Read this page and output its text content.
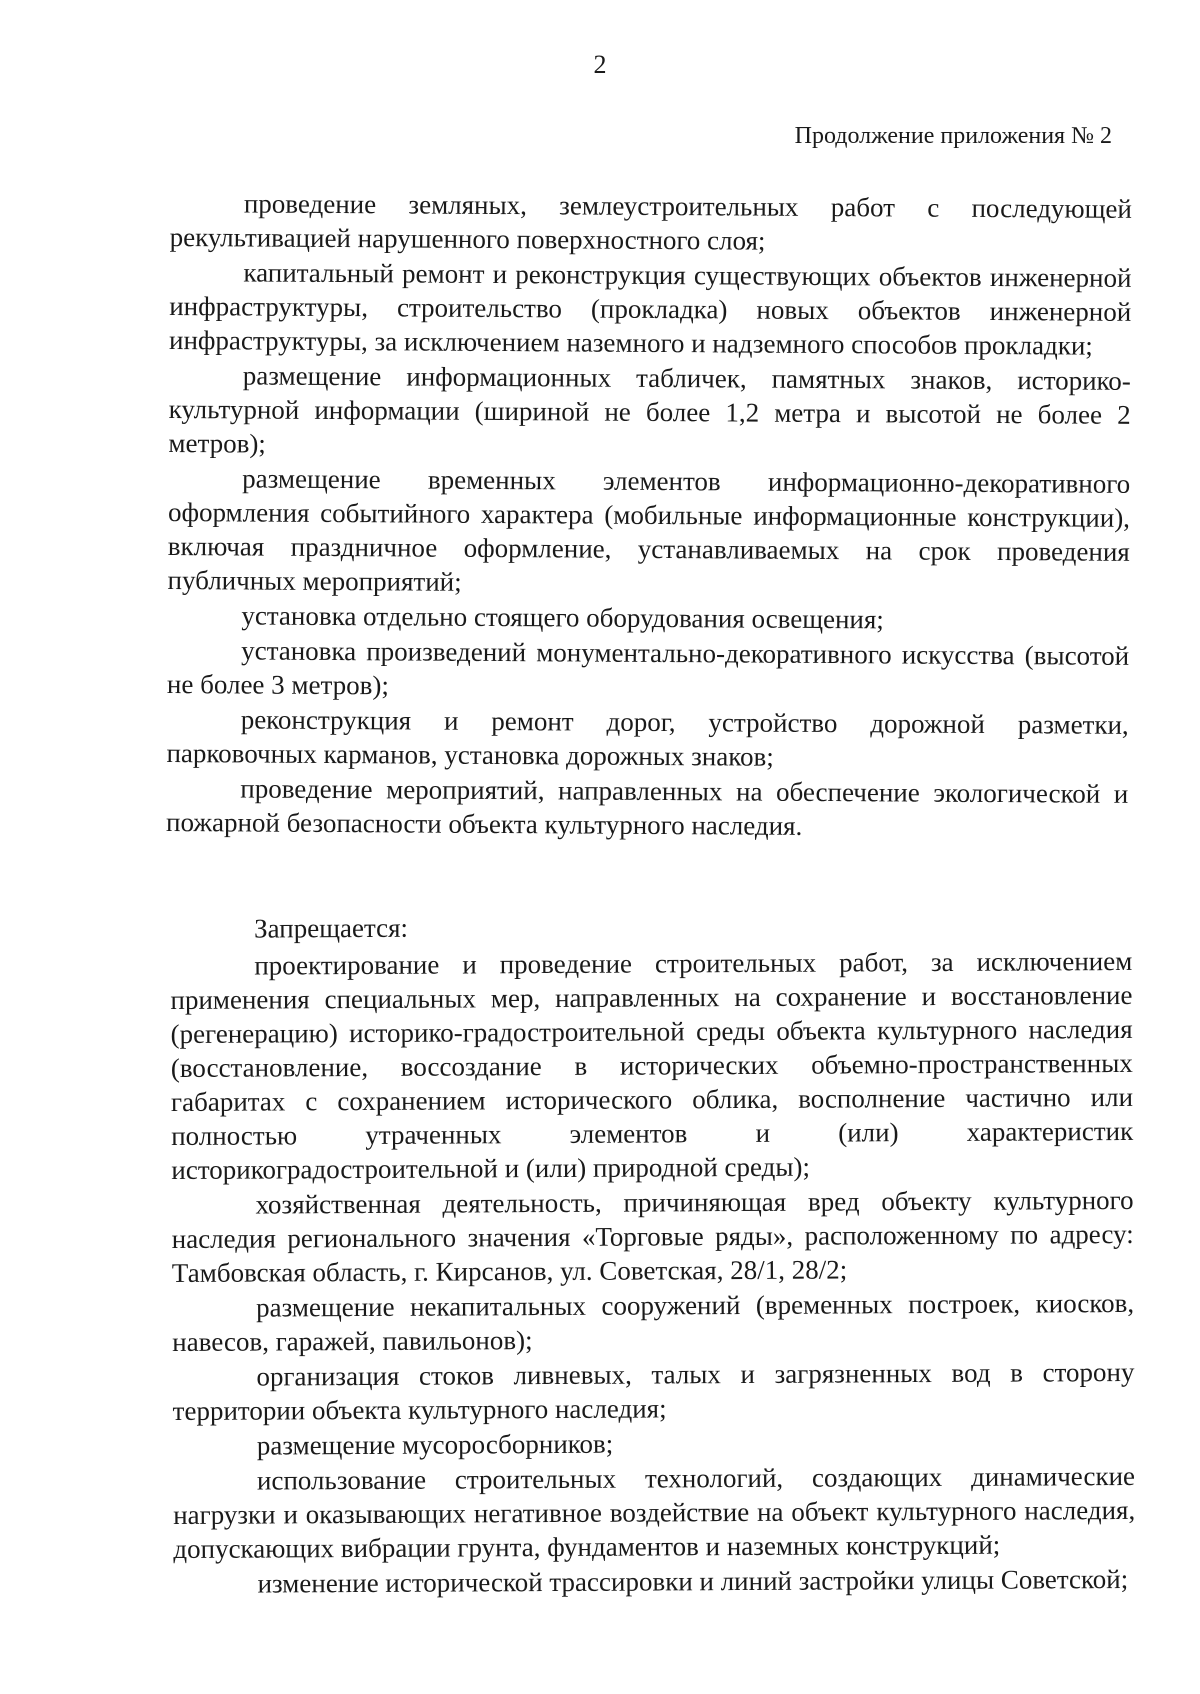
2
Продолжение приложения № 2

проведение земляных, землеустроительных работ с последующей рекультивацией нарушенного поверхностного слоя;

капитальный ремонт и реконструкция существующих объектов инженерной инфраструктуры, строительство (прокладка) новых объектов инженерной инфраструктуры, за исключением наземного и надземного способов прокладки;

размещение информационных табличек, памятных знаков, историко-культурной информации (шириной не более 1,2 метра и высотой не более 2 метров);

размещение временных элементов информационно-декоративного оформления событийного характера (мобильные информационные конструкции), включая праздничное оформление, устанавливаемых на срок проведения публичных мероприятий;

установка отдельно стоящего оборудования освещения;

установка произведений монументально-декоративного искусства (высотой не более 3 метров);

реконструкция и ремонт дорог, устройство дорожной разметки, парковочных карманов, установка дорожных знаков;

проведение мероприятий, направленных на обеспечение экологической и пожарной безопасности объекта культурного наследия.

Запрещается:

проектирование и проведение строительных работ, за исключением применения специальных мер, направленных на сохранение и восстановление (регенерацию) историко-градостроительной среды объекта культурного наследия (восстановление, воссоздание в исторических объемно-пространственных габаритах с сохранением исторического облика, восполнение частично или полностью утраченных элементов и (или) характеристик историкоградостроительной и (или) природной среды);

хозяйственная деятельность, причиняющая вред объекту культурного наследия регионального значения «Торговые ряды», расположенному по адресу: Тамбовская область, г. Кирсанов, ул. Советская, 28/1, 28/2;

размещение некапитальных сооружений (временных построек, киосков, навесов, гаражей, павильонов);

организация стоков ливневых, талых и загрязненных вод в сторону территории объекта культурного наследия;

размещение мусоросборников;

использование строительных технологий, создающих динамические нагрузки и оказывающих негативное воздействие на объект культурного наследия, допускающих вибрации грунта, фундаментов и наземных конструкций;

изменение исторической трассировки и линий застройки улицы Советской;
